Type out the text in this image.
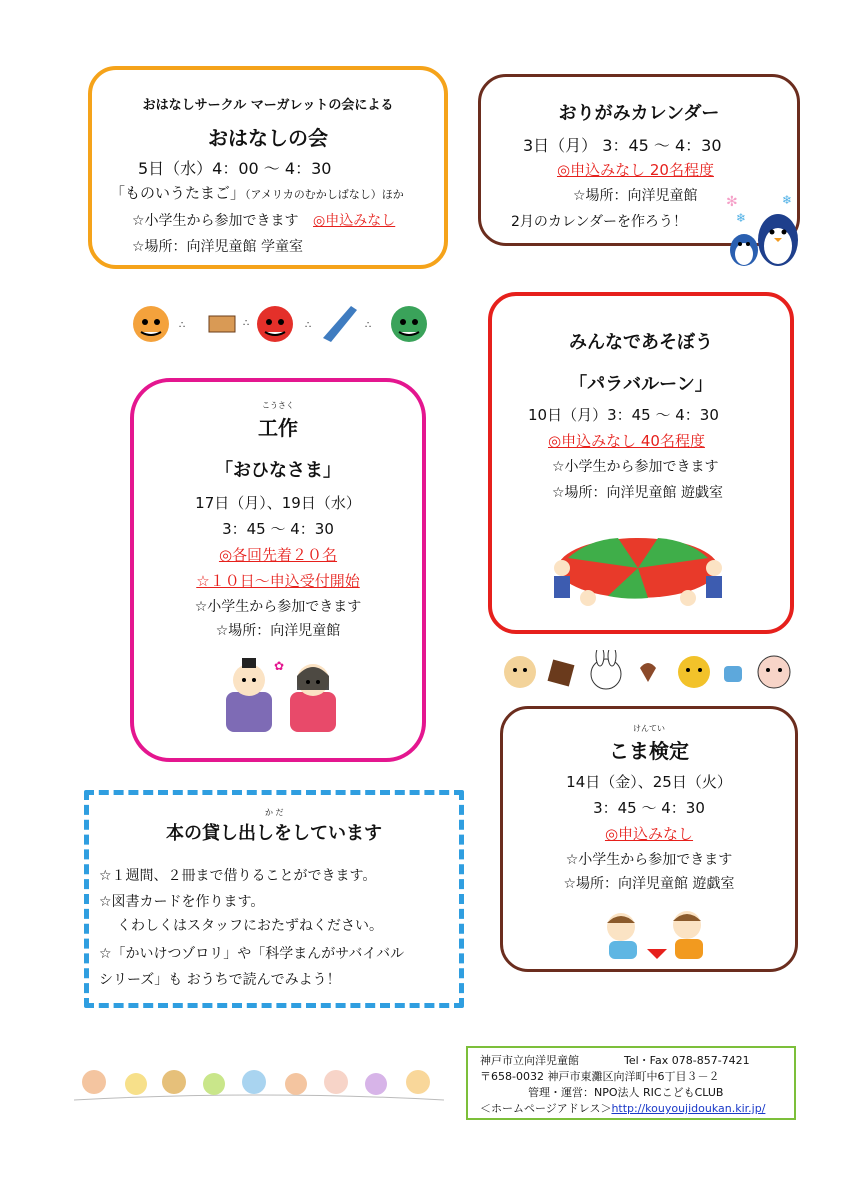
おはなしサークル マーガレットの会による
おはなしの会
5日（水）4：00 ～ 4：30
「ものいうたまご」（アメリカのむかしばなし）ほか
☆小学生から参加できます ◎申込みなし
☆場所：向洋児童館 学童室
おりがみカレンダー
3日（月） 3：45 ～ 4：30
◎申込みなし 20名程度
☆場所：向洋児童館
2月のカレンダーを作ろう！
✻
❄
❄
∴	∴	∴	∴
みんなであそぼう
「パラバルーン」
10日（月）3：45 ～ 4：30
◎申込みなし 40名程度
☆小学生から参加できます
☆場所：向洋児童館 遊戯室
こうさく
工作
「おひなさま」
17日（月）、19日（水）
3：45 ～ 4：30
◎各回先着２０名
☆１０日～申込受付開始
☆小学生から参加できます
☆場所：向洋児童館
✿
けんてい
こま検定
14日（金）、25日（火）
3：45 ～ 4：30
◎申込みなし
☆小学生から参加できます
☆場所：向洋児童館 遊戯室
か だ
本の貸し出しをしています
☆１週間、２冊まで借りることができます。
☆図書カードを作ります。
くわしくはスタッフにおたずねください。
☆「かいけつゾロリ」や「科学まんがサバイバル
シリーズ」も おうちで読んでみよう！
神戸市立向洋児童館	Tel・Fax 078-857-7421
〒658-0032 神戸市東灘区向洋町中6丁目３－２
管理・運営：NPO法人 RICこどもCLUB
＜ホームページアドレス＞http://kouyoujidoukan.kir.jp/
